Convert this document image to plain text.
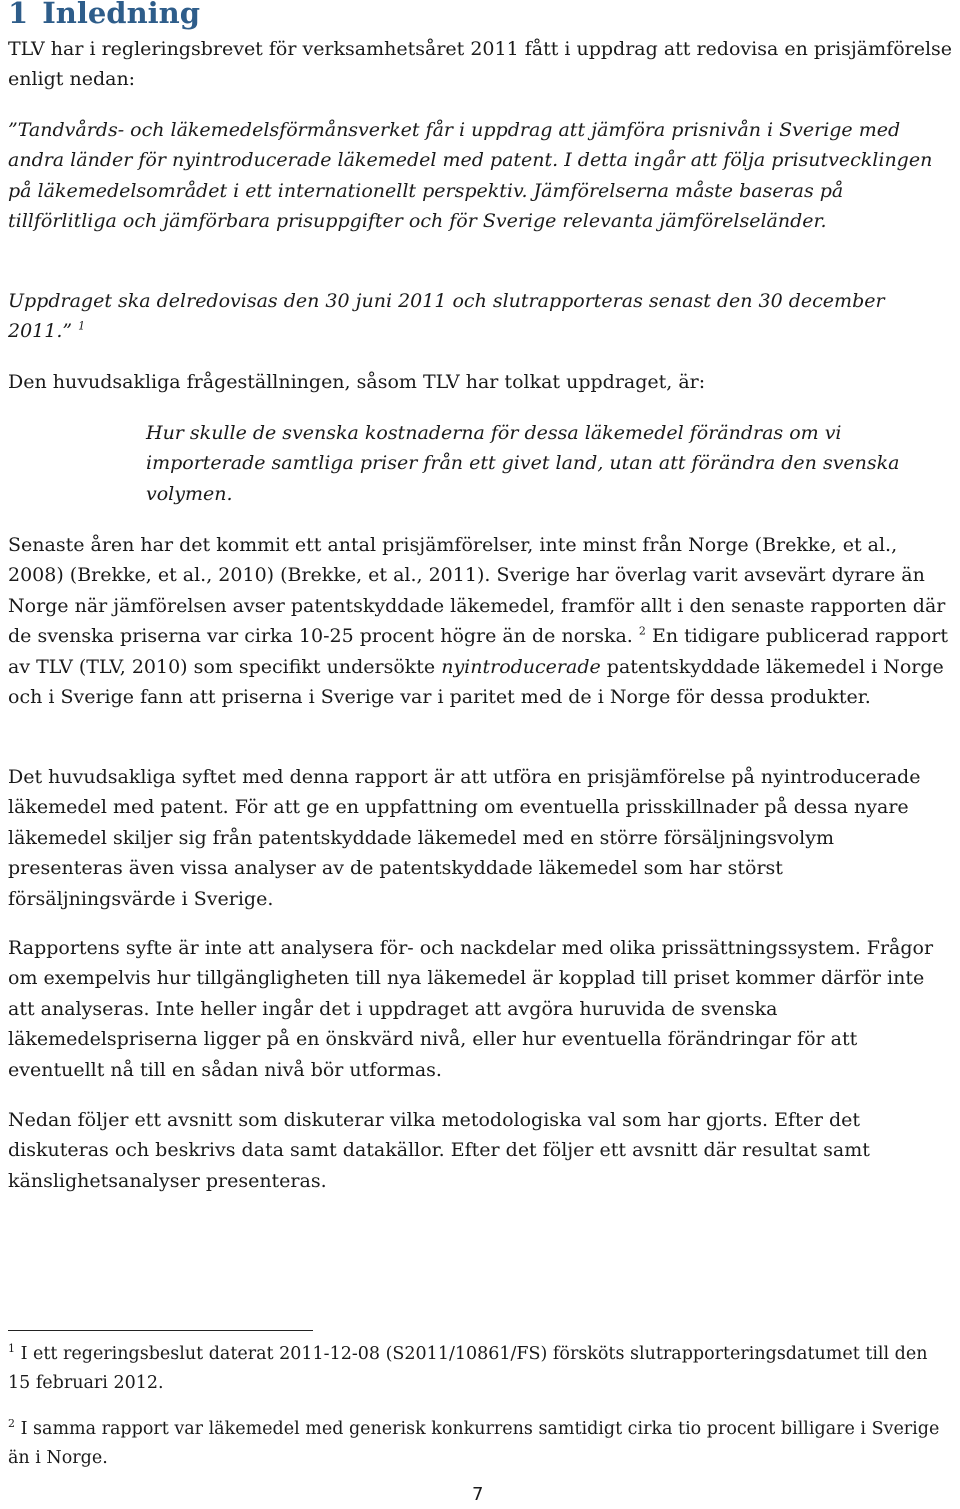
1 Inledning

TLV har i regleringsbrevet för verksamhetsåret 2011 fått i uppdrag att redovisa en prisjämförelse enligt nedan:

”Tandvårds- och läkemedelsförmånsverket får i uppdrag att jämföra prisnivån i Sverige med andra länder för nyintroducerade läkemedel med patent. I detta ingår att följa prisutvecklingen på läkemedelsområdet i ett internationellt perspektiv. Jämförelserna måste baseras på tillförlitliga och jämförbara prisuppgifter och för Sverige relevanta jämförelseländer.

Uppdraget ska delredovisas den 30 juni 2011 och slutrapporteras senast den 30 december 2011.” $^1$

Den huvudsakliga frågeställningen, såsom TLV har tolkat uppdraget, är:

Hur skulle de svenska kostnaderna för dessa läkemedel förändras om vi importerade samtliga priser från ett givet land, utan att förändra den svenska volymen.

Senaste åren har det kommit ett antal prisjämförelser, inte minst från Norge (Brekke, et al., 2008) (Brekke, et al., 2010) (Brekke, et al., 2011). Sverige har överlag varit avsevärt dyrare än Norge när jämförelsen avser patentskyddade läkemedel, framför allt i den senaste rapporten där de svenska priserna var cirka 10-25 procent högre än de norska. $^2$ En tidigare publicerad rapport av TLV (TLV, 2010) som specifikt undersökte nyintroducerade patentskyddade läkemedel i Norge och i Sverige fann att priserna i Sverige var i paritet med de i Norge för dessa produkter.

Det huvudsakliga syftet med denna rapport är att utföra en prisjämförelse på nyintroducerade läkemedel med patent. För att ge en uppfattning om eventuella prisskillnader på dessa nyare läkemedel skiljer sig från patentskyddade läkemedel med en större försäljningsvolym presenteras även vissa analyser av de patentskyddade läkemedel som har störst försäljningsvärde i Sverige.

Rapportens syfte är inte att analysera för- och nackdelar med olika prissättningssystem. Frågor om exempelvis hur tillgängligheten till nya läkemedel är kopplad till priset kommer därför inte att analyseras. Inte heller ingår det i uppdraget att avgöra huruvida de svenska läkemedelspriserna ligger på en önskvärd nivå, eller hur eventuella förändringar för att eventuellt nå till en sådan nivå bör utformas.

Nedan följer ett avsnitt som diskuterar vilka metodologiska val som har gjorts. Efter det diskuteras och beskrivs data samt datakällor. Efter det följer ett avsnitt där resultat samt känslighetsanalyser presenteras.

$^1$ I ett regeringsbeslut daterat 2011-12-08 (S2011/10861/FS) försköts slutrapporteringsdatumet till den 15 februari 2012.

$^2$ I samma rapport var läkemedel med generisk konkurrens samtidigt cirka tio procent billigare i Sverige än i Norge.

7
